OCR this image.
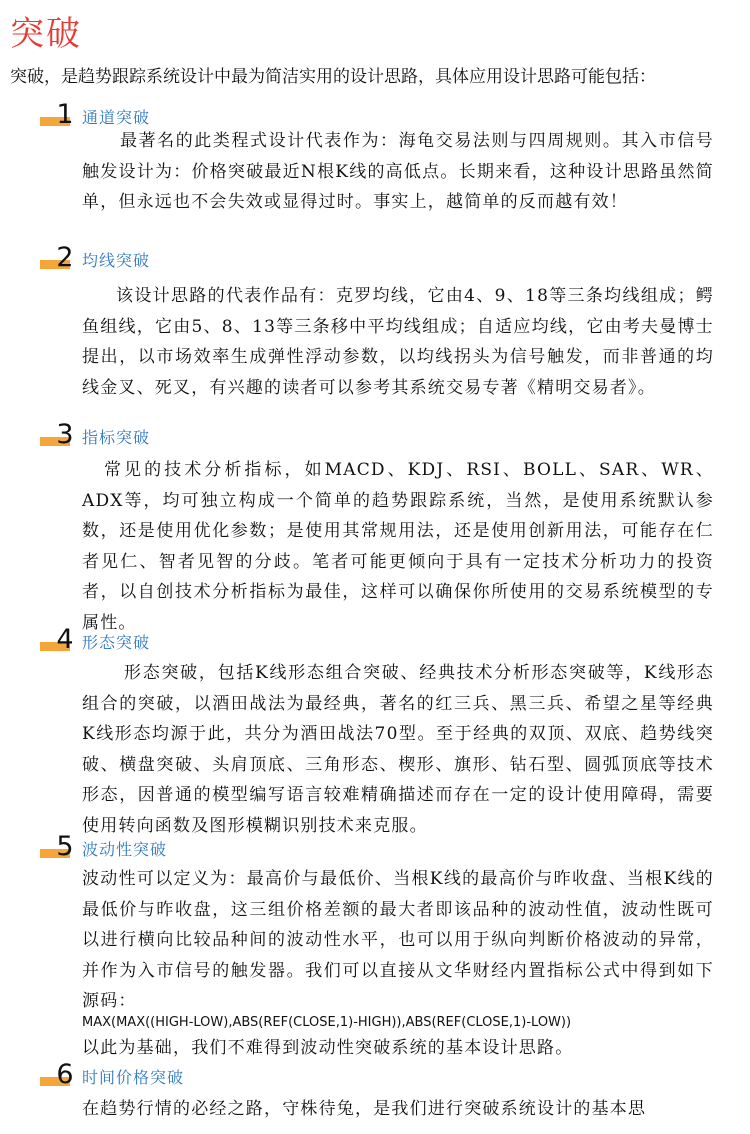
突破
突破，是趋势跟踪系统设计中最为简洁实用的设计思路，具体应用设计思路可能包括：
1 通道突破

最著名的此类程式设计代表作为：海龟交易法则与四周规则。其入市信号触发设计为：价格突破最近N根K线的高低点。长期来看，这种设计思路虽然简单，但永远也不会失效或显得过时。事实上，越简单的反而越有效！

2 均线突破

该设计思路的代表作品有：克罗均线，它由4、9、18等三条均线组成；鳄鱼组线，它由5、8、13等三条移中平均线组成；自适应均线，它由考夫曼博士提出，以市场效率生成弹性浮动参数，以均线拐头为信号触发，而非普通的均线金叉、死叉，有兴趣的读者可以参考其系统交易专著《精明交易者》。

3 指标突破

常见的技术分析指标，如MACD、KDJ、RSI、BOLL、SAR、WR、ADX等，均可独立构成一个简单的趋势跟踪系统，当然，是使用系统默认参数，还是使用优化参数；是使用其常规用法，还是使用创新用法，可能存在仁者见仁、智者见智的分歧。笔者可能更倾向于具有一定技术分析功力的投资者，以自创技术分析指标为最佳，这样可以确保你所使用的交易系统模型的专属性。

4 形态突破

形态突破，包括K线形态组合突破、经典技术分析形态突破等，K线形态组合的突破，以酒田战法为最经典，著名的红三兵、黑三兵、希望之星等经典K线形态均源于此，共分为酒田战法70型。至于经典的双顶、双底、趋势线突破、横盘突破、头肩顶底、三角形态、楔形、旗形、钻石型、圆弧顶底等技术形态，因普通的模型编写语言较难精确描述而存在一定的设计使用障碍，需要使用转向函数及图形模糊识别技术来克服。

5 波动性突破

波动性可以定义为：最高价与最低价、当根K线的最高价与昨收盘、当根K线的最低价与昨收盘，这三组价格差额的最大者即该品种的波动性值，波动性既可以进行横向比较品种间的波动性水平，也可以用于纵向判断价格波动的异常，并作为入市信号的触发器。我们可以直接从文华财经内置指标公式中得到如下源码：

MAX(MAX((HIGH-LOW),ABS(REF(CLOSE,1)-HIGH)),ABS(REF(CLOSE,1)-LOW))

以此为基础，我们不难得到波动性突破系统的基本设计思路。

6 时间价格突破

在趋势行情的必经之路，守株待兔，是我们进行突破系统设计的基本思
